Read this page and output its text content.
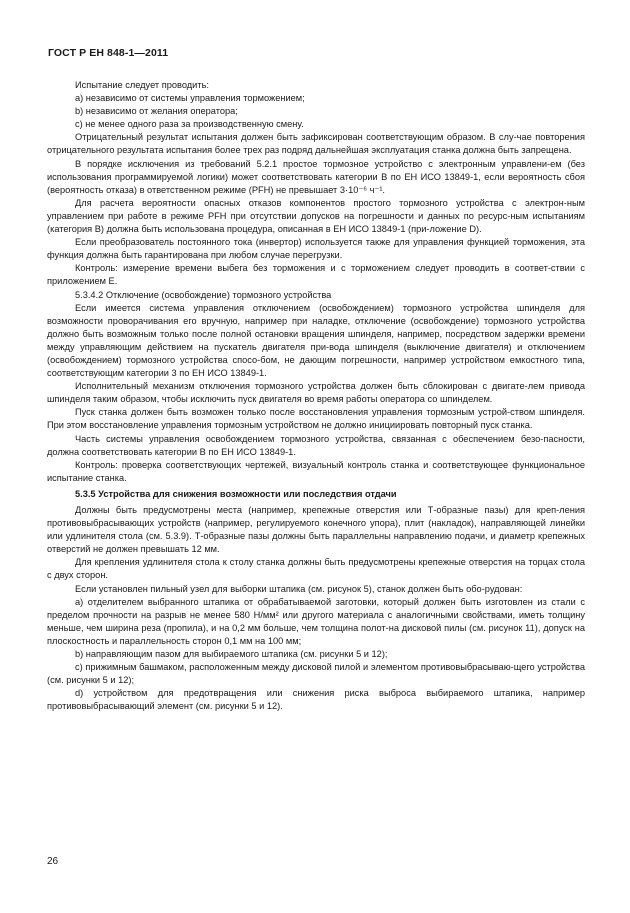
ГОСТ Р ЕН 848-1—2011

Испытание следует проводить:

a) независимо от системы управления торможением;

b) независимо от желания оператора;

c) не менее одного раза за производственную смену.

Отрицательный результат испытания должен быть зафиксирован соответствующим образом. В слу-чае повторения отрицательного результата испытания более трех раз подряд дальнейшая эксплуатация станка должна быть запрещена.

В порядке исключения из требований 5.2.1 простое тормозное устройство с электронным управлени-ем (без использования программируемой логики) может соответствовать категории В по ЕН ИСО 13849-1, если вероятность сбоя (вероятность отказа) в ответственном режиме (PFH) не превышает 3·10⁻⁶ ч⁻¹.

Для расчета вероятности опасных отказов компонентов простого тормозного устройства с электрон-ным управлением при работе в режиме PFH при отсутствии допусков на погрешности и данных по ресурс-ным испытаниям (категория В) должна быть использована процедура, описанная в ЕН ИСО 13849-1 (при-ложение D).

Если преобразователь постоянного тока (инвертор) используется также для управления функцией торможения, эта функция должна быть гарантирована при любом случае перегрузки.

Контроль: измерение времени выбега без торможения и с торможением следует проводить в соответ-ствии с приложением Е.

5.3.4.2 Отключение (освобождение) тормозного устройства

Если имеется система управления отключением (освобождением) тормозного устройства шпинделя для возможности проворачивания его вручную, например при наладке, отключение (освобождение) тормозного устройства должно быть возможным только после полной остановки вращения шпинделя, например, посредством задержки времени между управляющим действием на пускатель двигателя при-вода шпинделя (выключение двигателя) и отключением (освобождением) тормозного устройства спосо-бом, не дающим погрешности, например устройством емкостного типа, соответствующим категории 3 по ЕН ИСО 13849-1.

Исполнительный механизм отключения тормозного устройства должен быть сблокирован с двигате-лем привода шпинделя таким образом, чтобы исключить пуск двигателя во время работы оператора со шпинделем.

Пуск станка должен быть возможен только после восстановления управления тормозным устрой-ством шпинделя. При этом восстановление управления тормозным устройством не должно инициировать повторный пуск станка.

Часть системы управления освобождением тормозного устройства, связанная с обеспечением безо-пасности, должна соответствовать категории В по ЕН ИСО 13849-1.

Контроль: проверка соответствующих чертежей, визуальный контроль станка и соответствующее функциональное испытание станка.

5.3.5 Устройства для снижения возможности или последствия отдачи

Должны быть предусмотрены места (например, крепежные отверстия или Т-образные пазы) для креп-ления противовыбрасывающих устройств (например, регулируемого конечного упора), плит (накладок), направляющей линейки или удлинителя стола (см. 5.3.9). Т-образные пазы должны быть параллельны направлению подачи, и диаметр крепежных отверстий не должен превышать 12 мм.

Для крепления удлинителя стола к столу станка должны быть предусмотрены крепежные отверстия на торцах стола с двух сторон.

Если установлен пильный узел для выборки штапика (см. рисунок 5), станок должен быть обо-рудован:

a) отделителем выбранного штапика от обрабатываемой заготовки, который должен быть изготовлен из стали с пределом прочности на разрыв не менее 580 Н/мм² или другого материала с аналогичными свойствами, иметь толщину меньше, чем ширина реза (пропила), и на 0,2 мм больше, чем толщина полот-на дисковой пилы (см. рисунок 11), допуск на плоскостность и параллельность сторон 0,1 мм на 100 мм;

b) направляющим пазом для выбираемого штапика (см. рисунки 5 и 12);

c) прижимным башмаком, расположенным между дисковой пилой и элементом противовыбрасываю-щего устройства (см. рисунки 5 и 12);

d) устройством для предотвращения или снижения риска выброса выбираемого штапика, например противовыбрасывающий элемент (см. рисунки 5 и 12).

26
